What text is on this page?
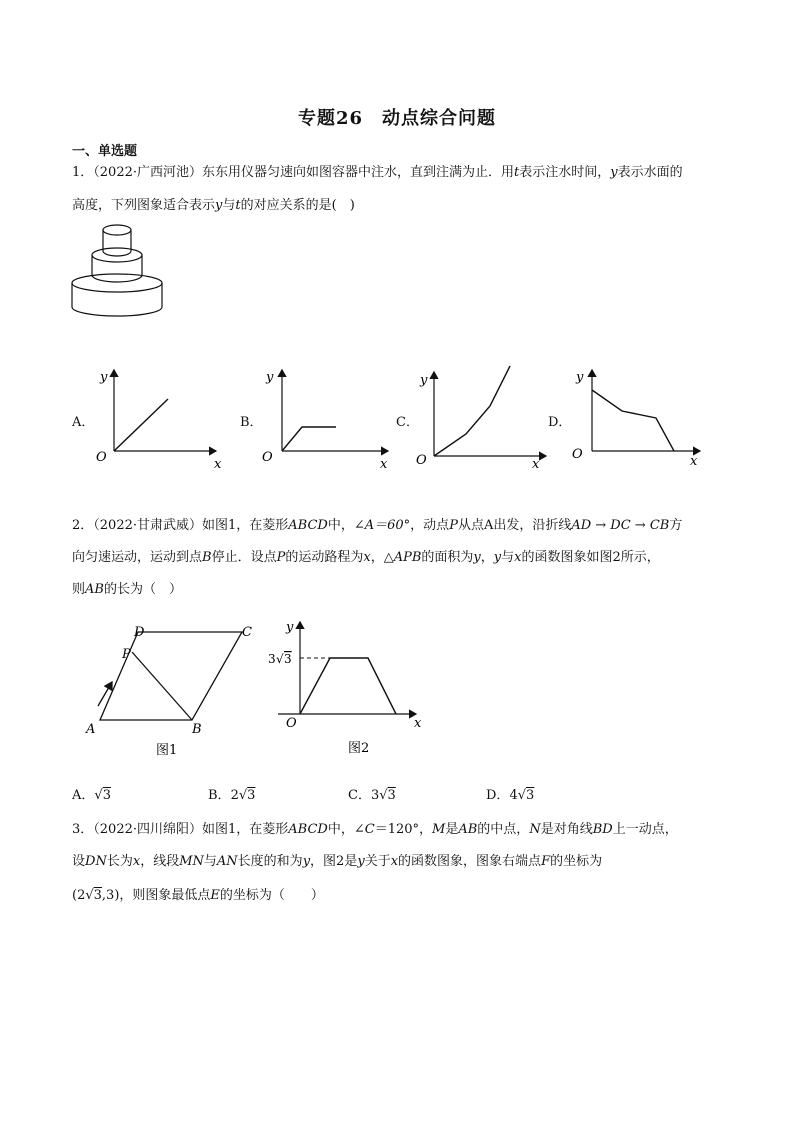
专题26　动点综合问题
一、单选题
1．（2022·广西河池）东东用仪器匀速向如图容器中注水，直到注满为止．用t表示注水时间，y表示水面的
高度，下列图象适合表示y与t的对应关系的是(　)
A．
y
x
O
B．
y
x
O
C．
y
x
O
D．
y
x
O
2．（2022·甘肃武威）如图1，在菱形ABCD中，∠A＝60°，动点P从点A出发，沿折线AD → DC → CB方
向匀速运动，运动到点B停止．设点P的运动路程为x，△APB的面积为y，y与x的函数图象如图2所示，
则AB的长为（　）
A	B
C
D
P
图1
y
x
O
3 √ 3
图2
A．√3	B．2√3	C．3√3	D．4√3
3．（2022·四川绵阳）如图1，在菱形ABCD中，∠C＝120°，M是AB的中点，N是对角线BD上一动点，
设DN长为x，线段MN与AN长度的和为y，图2是y关于x的函数图象，图象右端点F的坐标为
(2√3,3)，则图象最低点E的坐标为（　　）
